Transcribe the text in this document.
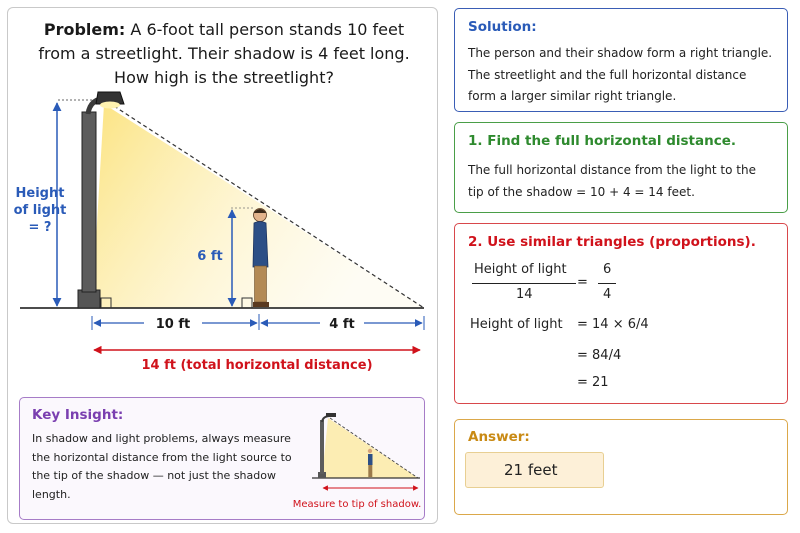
Problem: A 6-foot tall person stands 10 feet
from a streetlight. Their shadow is 4 feet long.
How high is the streetlight?
Height
of light
= ?
6 ft
10 ft	4 ft
14 ft (total horizontal distance)
Key Insight:
In shadow and light problems, always measure
the horizontal distance from the light source to
the tip of the shadow — not just the shadow length.
Measure to tip of shadow.
Solution:
The person and their shadow form a right triangle.
The streetlight and the full horizontal distance
form a larger similar right triangle.
1. Find the full horizontal distance.
The full horizontal distance from the light to the
tip of the shadow = 10 + 4 = 14 feet.
2. Use similar triangles (proportions).
Height of light
14
=
6
4
Height of light = 14 × 6/4
= 84/4
= 21
Answer:
21 feet
